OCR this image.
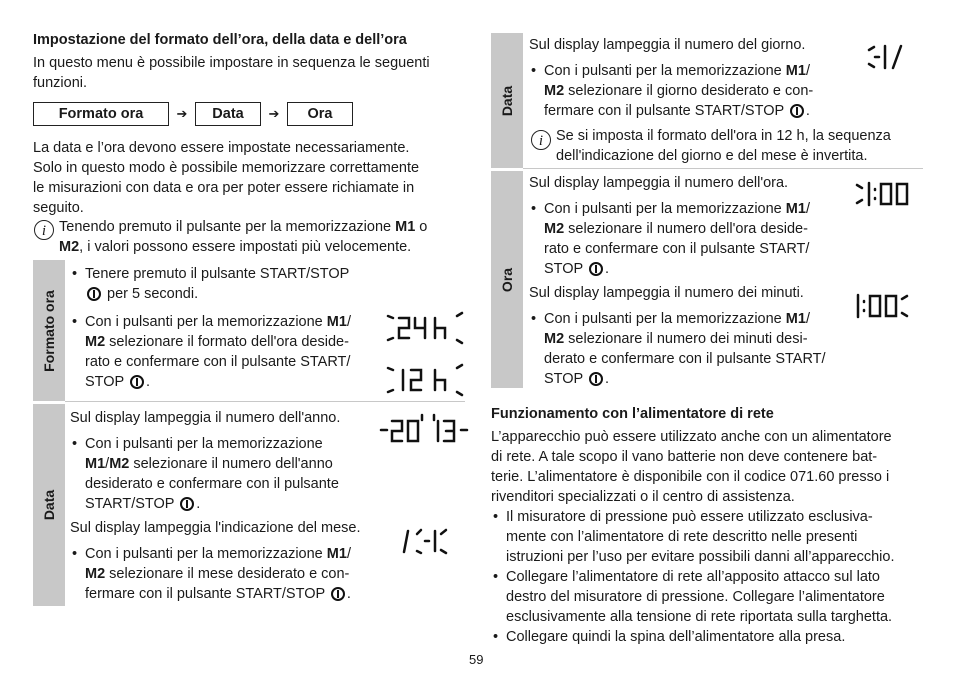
Impostazione del formato dell’ora, della data e dell’ora

In questo menu è possibile impostare in sequenza le seguenti

funzioni.

Formato ora	➔	Data	➔	Ora

La data e l’ora devono essere impostate necessariamente.

Solo in questo modo è possibile memorizzare correttamente

le misurazioni con data e ora per poter essere richiamate in

seguito.

i Tenendo premuto il pulsante per la memorizzazione M1 o

M2, i valori possono essere impostati più velocemente.

Formato ora
• Tenere premuto il pulsante START/STOP
per 5 secondi.
• Con i pulsanti per la memorizzazione M1/
M2 selezionare il formato dell'ora deside-
rato e confermare con il pulsante START/
STOP .
Data

Sul display lampeggia il numero dell'anno.

• Con i pulsanti per la memorizzazione
M1/M2 selezionare il numero dell'anno
desiderato e confermare con il pulsante
START/STOP .

Sul display lampeggia l'indicazione del mese.

• Con i pulsanti per la memorizzazione M1/
M2 selezionare il mese desiderato e con-
fermare con il pulsante START/STOP .
Data

Sul display lampeggia il numero del giorno.

• Con i pulsanti per la memorizzazione M1/
M2 selezionare il giorno desiderato e con-
fermare con il pulsante START/STOP .
i Se si imposta il formato dell'ora in 12 h, la sequenza

dell'indicazione del giorno e del mese è invertita.

Ora

Sul display lampeggia il numero dell'ora.

• Con i pulsanti per la memorizzazione M1/
M2 selezionare il numero dell'ora deside-
rato e confermare con il pulsante START/
STOP .

Sul display lampeggia il numero dei minuti.

• Con i pulsanti per la memorizzazione M1/
M2 selezionare il numero dei minuti desi-
derato e confermare con il pulsante START/
STOP .
Funzionamento con l’alimentatore di rete

L’apparecchio può essere utilizzato anche con un alimentatore

di rete. A tale scopo il vano batterie non deve contenere bat-

terie. L’alimentatore è disponibile con il codice 071.60 presso i

rivenditori specializzati o il centro di assistenza.

• Il misuratore di pressione può essere utilizzato esclusiva-
mente con l’alimentatore di rete descritto nelle presenti
istruzioni per l’uso per evitare possibili danni all’apparecchio.
• Collegare l’alimentatore di rete all’apposito attacco sul lato
destro del misuratore di pressione. Collegare l’alimentatore
esclusivamente alla tensione di rete riportata sulla targhetta.
• Collegare quindi la spina dell’alimentatore alla presa.
59
